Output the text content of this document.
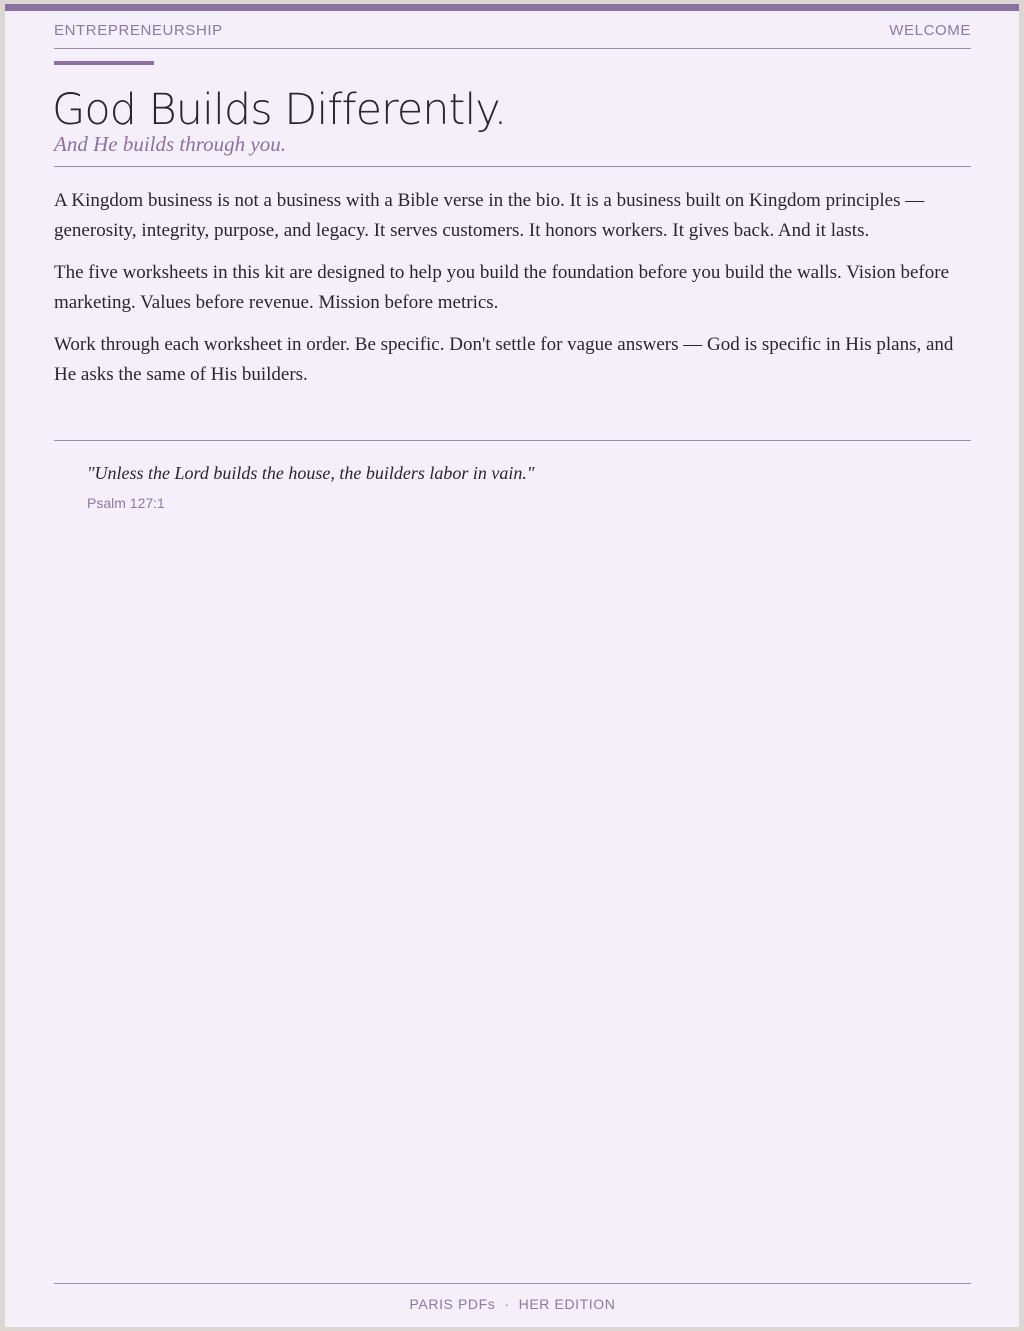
ENTREPRENEURSHIP	WELCOME
God Builds Differently.
And He builds through you.

A Kingdom business is not a business with a Bible verse in the bio. It is a business built on Kingdom principles — generosity, integrity, purpose, and legacy. It serves customers. It honors workers. It gives back. And it lasts.

The five worksheets in this kit are designed to help you build the foundation before you build the walls. Vision before marketing. Values before revenue. Mission before metrics.

Work through each worksheet in order. Be specific. Don't settle for vague answers — God is specific in His plans, and He asks the same of His builders.

"Unless the Lord builds the house, the builders labor in vain."
Psalm 127:1
PARIS PDFs · HER EDITION
